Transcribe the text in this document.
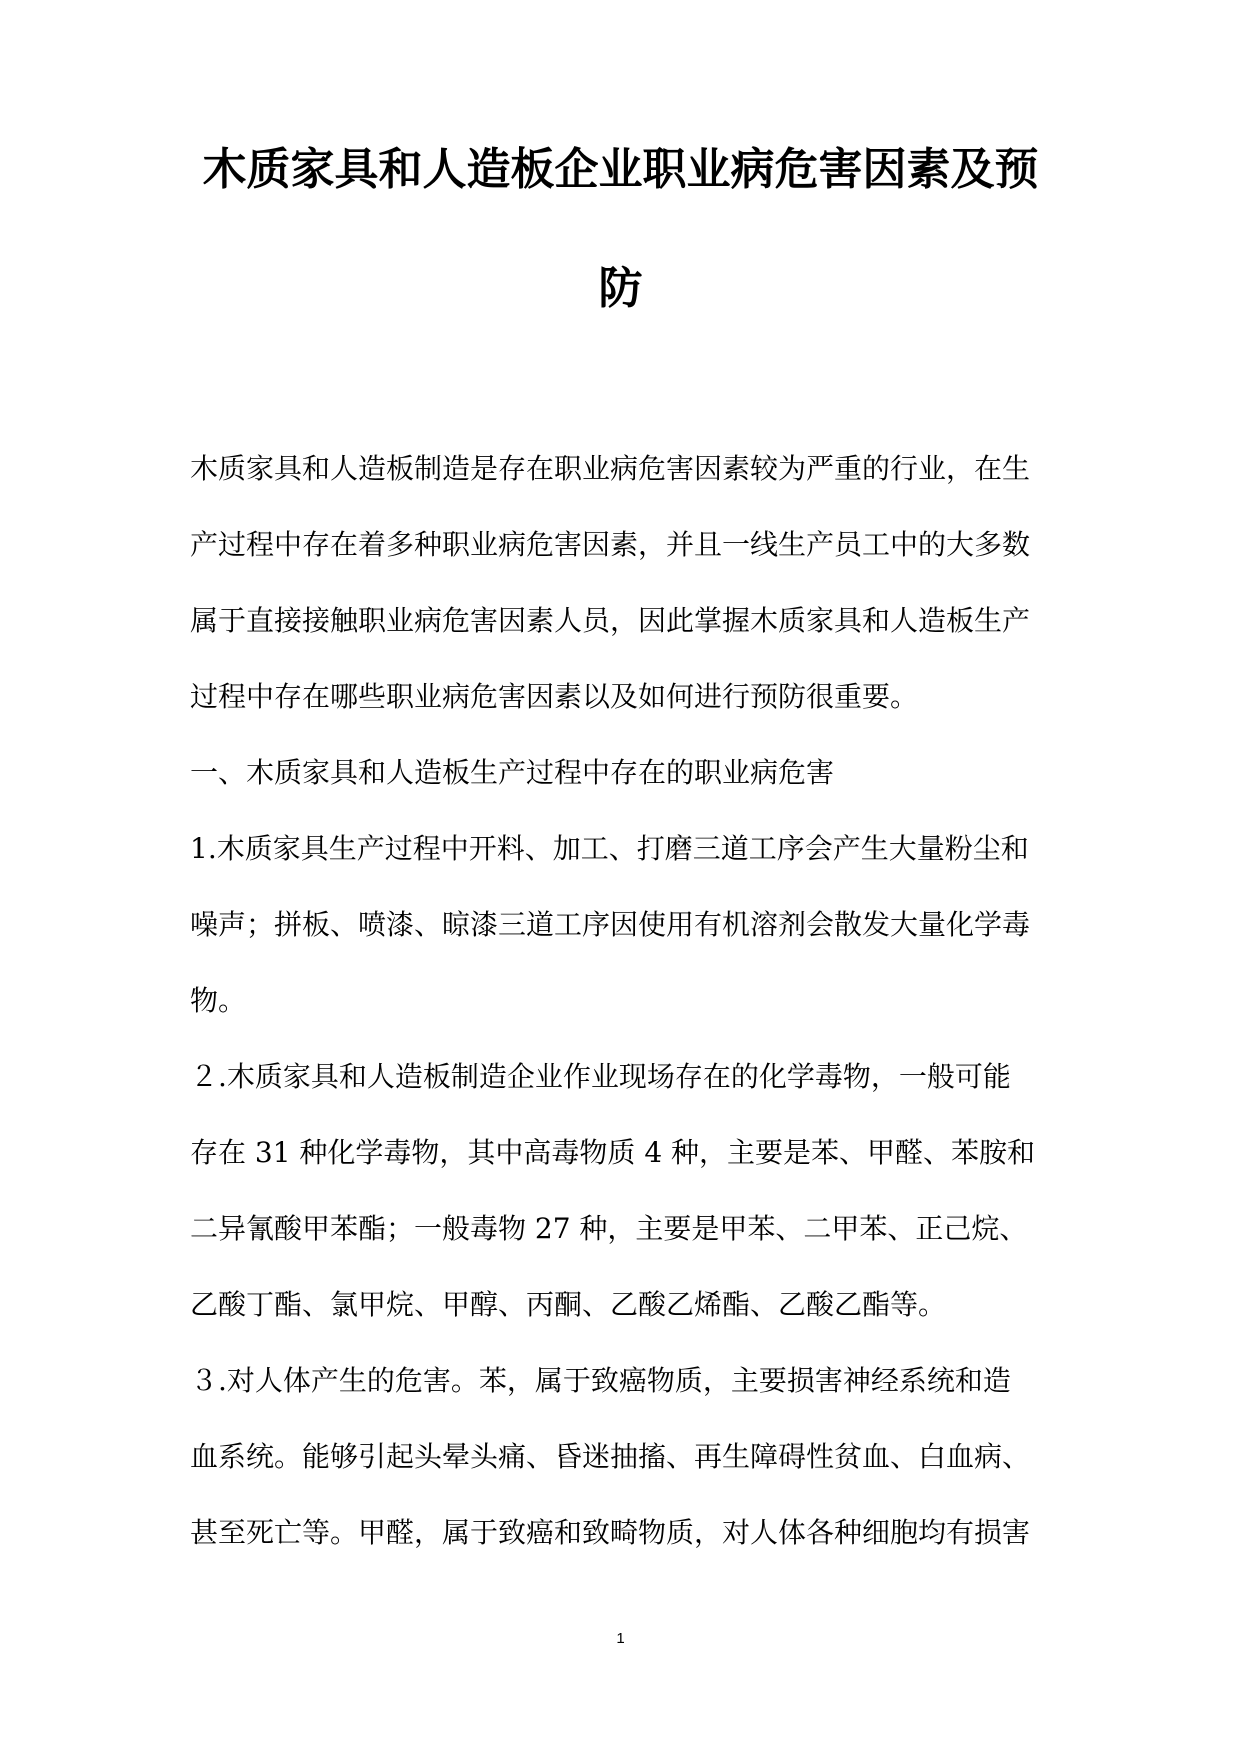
木质家具和人造板企业职业病危害因素及预
防

木质家具和人造板制造是存在职业病危害因素较为严重的行业，在生

产过程中存在着多种职业病危害因素，并且一线生产员工中的大多数

属于直接接触职业病危害因素人员，因此掌握木质家具和人造板生产

过程中存在哪些职业病危害因素以及如何进行预防很重要。

一、木质家具和人造板生产过程中存在的职业病危害

1.木质家具生产过程中开料、加工、打磨三道工序会产生大量粉尘和

噪声；拼板、喷漆、晾漆三道工序因使用有机溶剂会散发大量化学毒

物。

２.木质家具和人造板制造企业作业现场存在的化学毒物，一般可能

存在 31 种化学毒物，其中高毒物质 4 种，主要是苯、甲醛、苯胺和

二异氰酸甲苯酯；一般毒物 27 种，主要是甲苯、二甲苯、正己烷、

乙酸丁酯、氯甲烷、甲醇、丙酮、乙酸乙烯酯、乙酸乙酯等。

３.对人体产生的危害。苯，属于致癌物质，主要损害神经系统和造

血系统。能够引起头晕头痛、昏迷抽搐、再生障碍性贫血、白血病、

甚至死亡等。甲醛，属于致癌和致畸物质，对人体各种细胞均有损害

1
